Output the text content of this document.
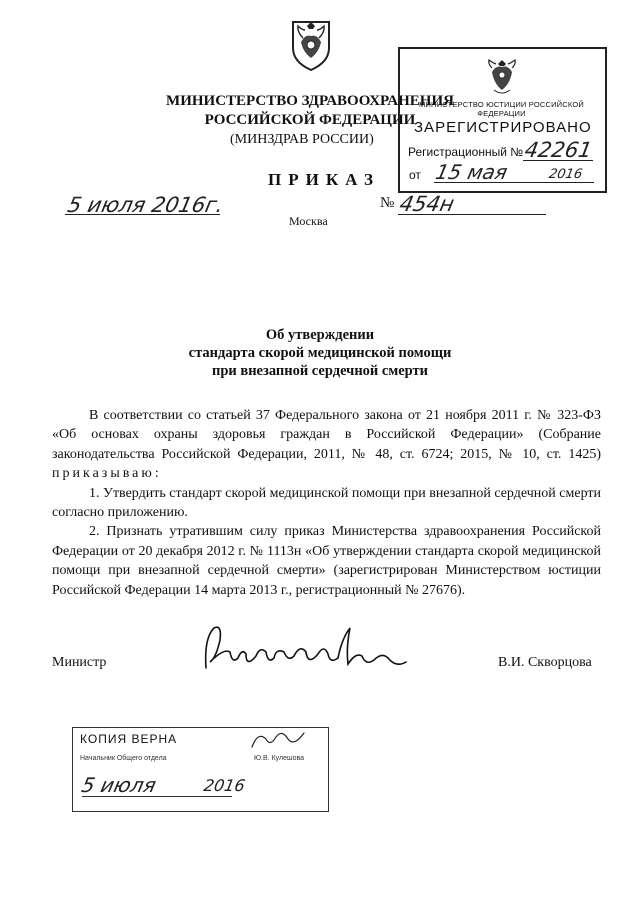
МИНИСТЕРСТВО ЗДРАВООХРАНЕНИЯ
РОССИЙСКОЙ ФЕДЕРАЦИИ
(МИНЗДРАВ РОССИИ)
ПРИКАЗ
5 июля 2016г.
Москва
№ 454н
МИНИСТЕРСТВО ЮСТИЦИИ РОССИЙСКОЙ ФЕДЕРАЦИИ
ЗАРЕГИСТРИРОВАНО
Регистрационный № 42261
от 15 мая	2016
Об утверждении
стандарта скорой медицинской помощи
при внезапной сердечной смерти

В соответствии со статьей 37 Федерального закона от 21 ноября 2011 г. № 323-ФЗ «Об основах охраны здоровья граждан в Российской Федерации» (Собрание законодательства Российской Федерации, 2011, № 48, ст. 6724; 2015, № 10, ст. 1425) приказываю:

1. Утвердить стандарт скорой медицинской помощи при внезапной сердечной смерти согласно приложению.

2. Признать утратившим силу приказ Министерства здравоохранения Российской Федерации от 20 декабря 2012 г. № 1113н «Об утверждении стандарта скорой медицинской помощи при внезапной сердечной смерти» (зарегистрирован Министерством юстиции Российской Федерации 14 марта 2013 г., регистрационный № 27676).

Министр	В.И. Скворцова
КОПИЯ ВЕРНА
Начальник Общего отдела	Ю.В. Кулешова
5 июля	2016
